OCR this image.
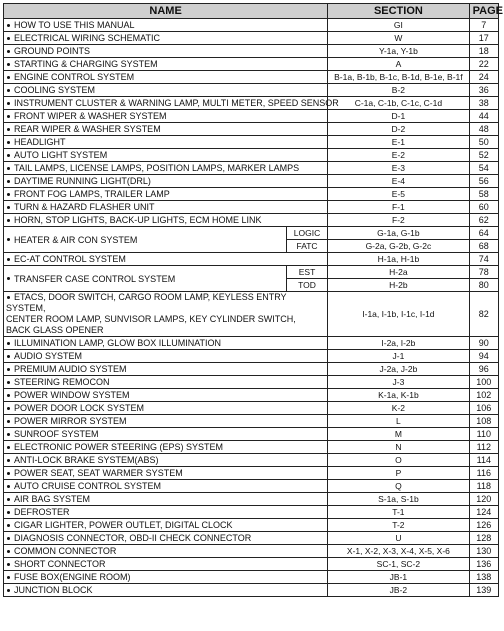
NAME		SECTION	PAGE
HOW TO USE THIS MANUAL		GI	7
ELECTRICAL WIRING SCHEMATIC		W	17
GROUND POINTS		Y-1a, Y-1b	18
STARTING & CHARGING SYSTEM		A	22
ENGINE CONTROL SYSTEM		B-1a, B-1b, B-1c, B-1d, B-1e, B-1f	24
COOLING SYSTEM		B-2	36
INSTRUMENT CLUSTER & WARNING LAMP, MULTI METER, SPEED SENSOR		C-1a, C-1b, C-1c, C-1d	38
FRONT WIPER & WASHER SYSTEM		D-1	44
REAR WIPER & WASHER SYSTEM		D-2	48
HEADLIGHT		E-1	50
AUTO LIGHT SYSTEM		E-2	52
TAIL LAMPS, LICENSE LAMPS, POSITION LAMPS, MARKER LAMPS		E-3	54
DAYTIME RUNNING LIGHT(DRL)		E-4	56
FRONT FOG LAMPS, TRAILER LAMP		E-5	58
TURN & HAZARD FLASHER UNIT		F-1	60
HORN, STOP LIGHTS, BACK-UP LIGHTS, ECM HOME LINK		F-2	62
HEATER & AIR CON SYSTEM	LOGIC	G-1a, G-1b	64
	FATC	G-2a, G-2b, G-2c	68
EC-AT CONTROL SYSTEM		H-1a, H-1b	74
TRANSFER CASE CONTROL SYSTEM	EST	H-2a	78
	TOD	H-2b	80
ETACS, DOOR SWITCH, CARGO ROOM LAMP, KEYLESS ENTRY SYSTEM,
CENTER ROOM LAMP, SUNVISOR LAMPS, KEY CYLINDER SWITCH,
BACK GLASS OPENER		I-1a, I-1b, I-1c, I-1d	82
ILLUMINATION LAMP, GLOW BOX ILLUMINATION		I-2a, I-2b	90
AUDIO SYSTEM		J-1	94
PREMIUM AUDIO SYSTEM		J-2a, J-2b	96
STEERING REMOCON		J-3	100
POWER WINDOW SYSTEM		K-1a, K-1b	102
POWER DOOR LOCK SYSTEM		K-2	106
POWER MIRROR SYSTEM		L	108
SUNROOF SYSTEM		M	110
ELECTRONIC POWER STEERING (EPS) SYSTEM		N	112
ANTI-LOCK BRAKE SYSTEM(ABS)		O	114
POWER SEAT, SEAT WARMER SYSTEM		P	116
AUTO CRUISE CONTROL SYSTEM		Q	118
AIR BAG SYSTEM		S-1a, S-1b	120
DEFROSTER		T-1	124
CIGAR LIGHTER, POWER OUTLET, DIGITAL CLOCK		T-2	126
DIAGNOSIS CONNECTOR, OBD-II CHECK CONNECTOR		U	128
COMMON CONNECTOR		X-1, X-2, X-3, X-4, X-5, X-6	130
SHORT CONNECTOR		SC-1, SC-2	136
FUSE BOX(ENGINE ROOM)		JB-1	138
JUNCTION BLOCK		JB-2	139
